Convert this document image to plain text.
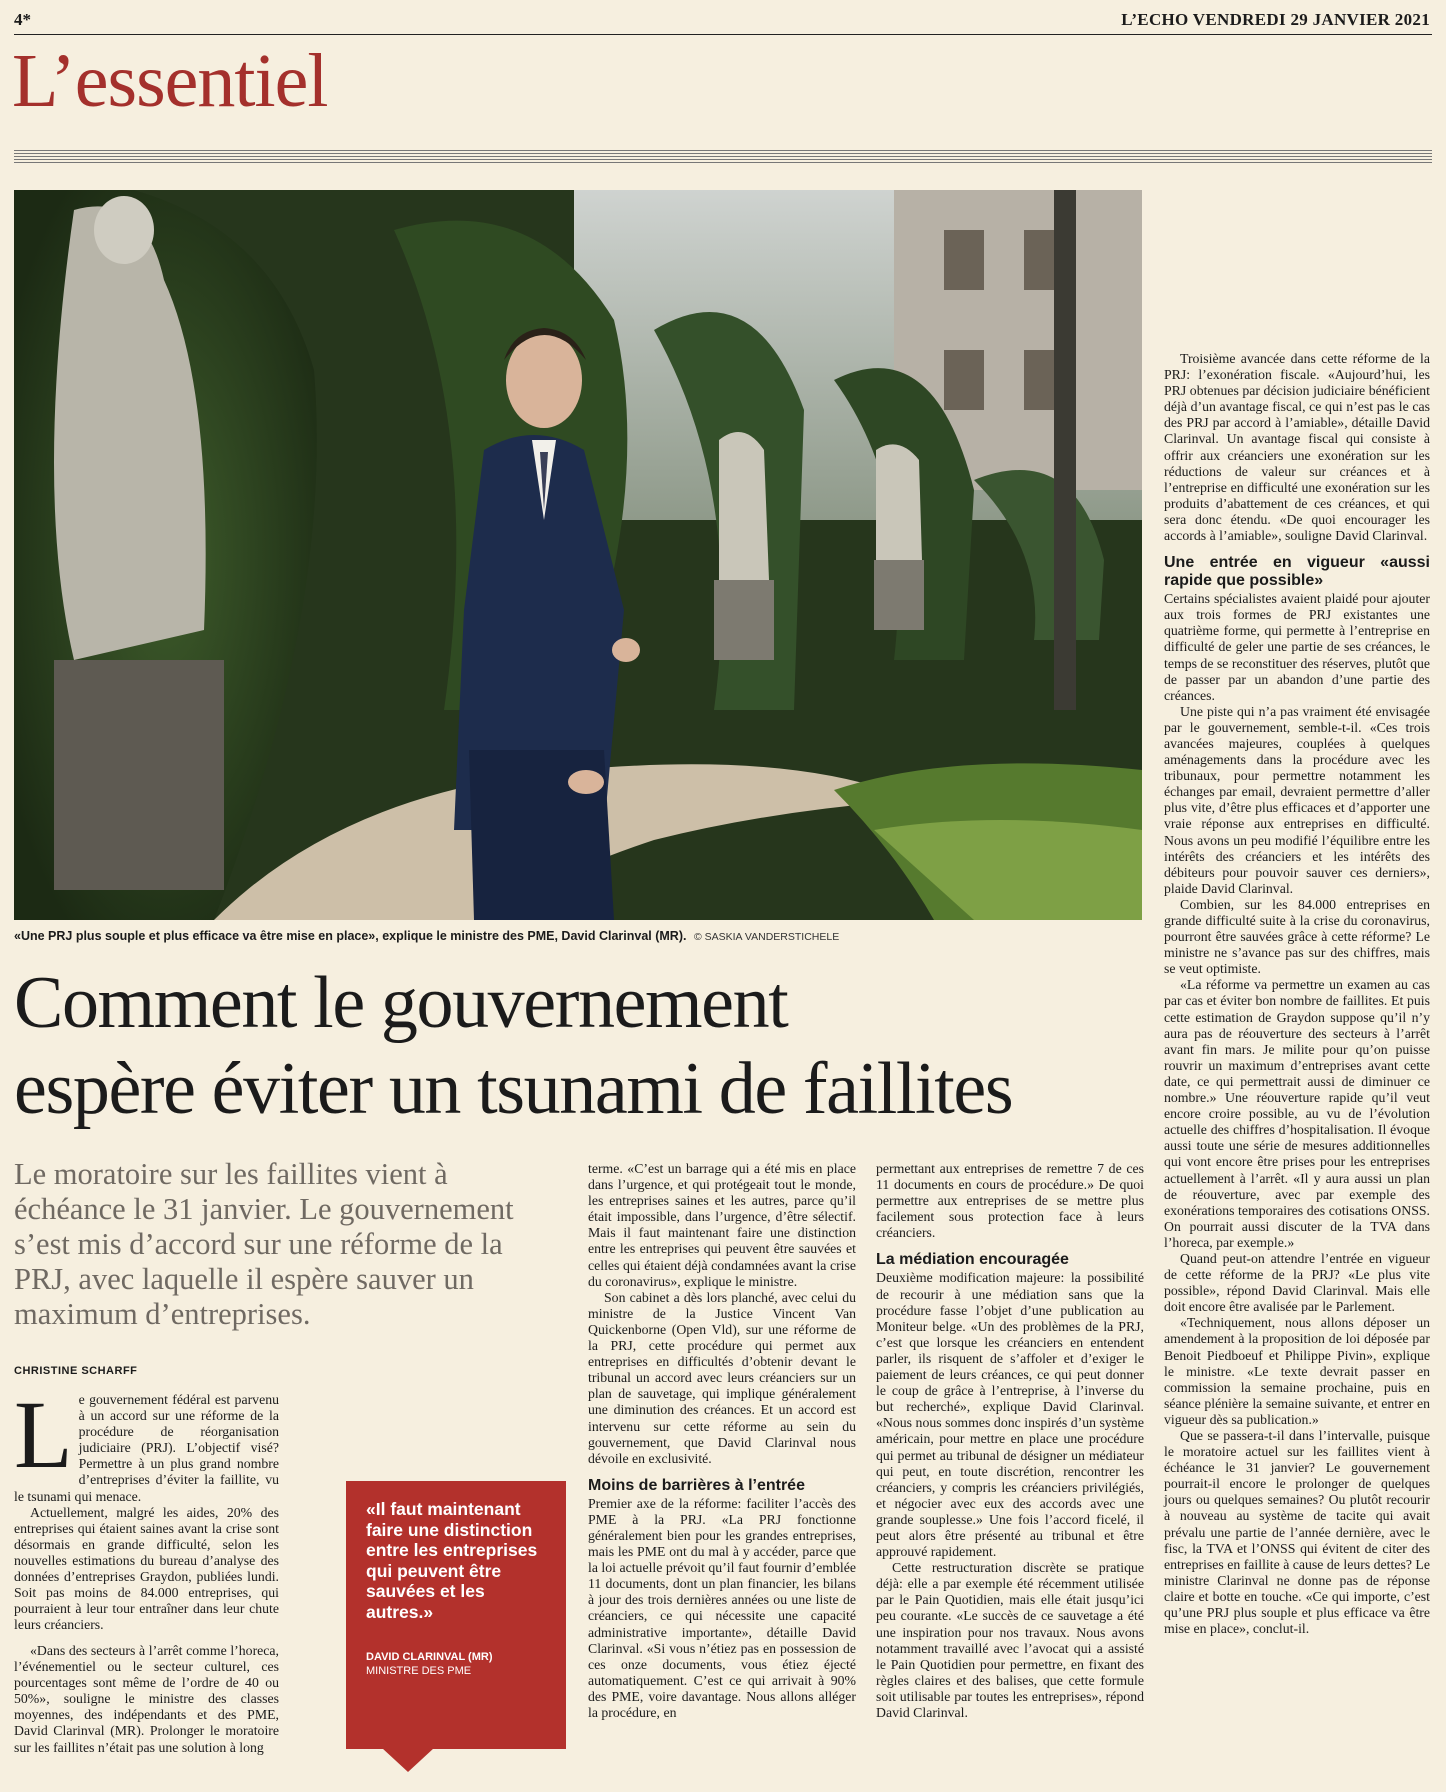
4*	L’ECHO VENDREDI 29 JANVIER 2021
L’essentiel
«Une PRJ plus souple et plus efficace va être mise en place», explique le ministre des PME, David Clarinval (MR). © SASKIA VANDERSTICHELE
Comment le gouvernement
espère éviter un tsunami de faillites
Le moratoire sur les faillites vient à échéance le 31 janvier. Le gouvernement s’est mis d’accord sur une réforme de la PRJ, avec laquelle il espère sauver un maximum d’entreprises.
CHRISTINE SCHARFF

Le gouvernement fédéral est parvenu à un accord sur une réforme de la procédure de réorganisation judiciaire (PRJ). L’objectif visé? Permettre à un plus grand nombre d’entreprises d’éviter la faillite, vu le tsunami qui menace.

Actuellement, malgré les aides, 20% des entreprises qui étaient saines avant la crise sont désormais en grande difficulté, selon les nouvelles estimations du bureau d’analyse des données d’entreprises Graydon, publiées lundi. Soit pas moins de 84.000 entreprises, qui pourraient à leur tour entraîner dans leur chute leurs créanciers.

«Dans des secteurs à l’arrêt comme l’horeca, l’événementiel ou le secteur culturel, ces pourcentages sont même de l’ordre de 40 ou 50%», souligne le ministre des classes moyennes, des indépendants et des PME, David Clarinval (MR). Prolonger le moratoire sur les faillites n’était pas une solution à long

«Il faut maintenant faire une distinction entre les entreprises qui peuvent être sauvées et les autres.»
DAVID CLARINVAL (MR)
MINISTRE DES PME

terme. «C’est un barrage qui a été mis en place dans l’urgence, et qui protégeait tout le monde, les entreprises saines et les autres, parce qu’il était impossible, dans l’urgence, d’être sélectif. Mais il faut maintenant faire une distinction entre les entreprises qui peuvent être sauvées et celles qui étaient déjà condamnées avant la crise du coronavirus», explique le ministre.

Son cabinet a dès lors planché, avec celui du ministre de la Justice Vincent Van Quickenborne (Open Vld), sur une réforme de la PRJ, cette procédure qui permet aux entreprises en difficultés d’obtenir devant le tribunal un accord avec leurs créanciers sur un plan de sauvetage, qui implique généralement une diminution des créances. Et un accord est intervenu sur cette réforme au sein du gouvernement, que David Clarinval nous dévoile en exclusivité.

Moins de barrières à l’entrée

Premier axe de la réforme: faciliter l’accès des PME à la PRJ. «La PRJ fonctionne généralement bien pour les grandes entreprises, mais les PME ont du mal à y accéder, parce que la loi actuelle prévoit qu’il faut fournir d’emblée 11 documents, dont un plan financier, les bilans à jour des trois dernières années ou une liste de créanciers, ce qui nécessite une capacité administrative importante», détaille David Clarinval. «Si vous n’étiez pas en possession de ces onze documents, vous étiez éjecté automatiquement. C’est ce qui arrivait à 90% des PME, voire davantage. Nous allons alléger la procédure, en

permettant aux entreprises de remettre 7 de ces 11 documents en cours de procédure.» De quoi permettre aux entreprises de se mettre plus facilement sous protection face à leurs créanciers.

La médiation encouragée

Deuxième modification majeure: la possibilité de recourir à une médiation sans que la procédure fasse l’objet d’une publication au Moniteur belge. «Un des problèmes de la PRJ, c’est que lorsque les créanciers en entendent parler, ils risquent de s’affoler et d’exiger le paiement de leurs créances, ce qui peut donner le coup de grâce à l’entreprise, à l’inverse du but recherché», explique David Clarinval. «Nous nous sommes donc inspirés d’un système américain, pour mettre en place une procédure qui permet au tribunal de désigner un médiateur qui peut, en toute discrétion, rencontrer les créanciers, y compris les créanciers privilégiés, et négocier avec eux des accords avec une grande souplesse.» Une fois l’accord ficelé, il peut alors être présenté au tribunal et être approuvé rapidement.

Cette restructuration discrète se pratique déjà: elle a par exemple été récemment utilisée par le Pain Quotidien, mais elle était jusqu’ici peu courante. «Le succès de ce sauvetage a été une inspiration pour nos travaux. Nous avons notamment travaillé avec l’avocat qui a assisté le Pain Quotidien pour permettre, en fixant des règles claires et des balises, que cette formule soit utilisable par toutes les entreprises», répond David Clarinval.

Troisième avancée dans cette réforme de la PRJ: l’exonération fiscale. «Aujourd’hui, les PRJ obtenues par décision judiciaire bénéficient déjà d’un avantage fiscal, ce qui n’est pas le cas des PRJ par accord à l’amiable», détaille David Clarinval. Un avantage fiscal qui consiste à offrir aux créanciers une exonération sur les réductions de valeur sur créances et à l’entreprise en difficulté une exonération sur les produits d’abattement de ces créances, et qui sera donc étendu. «De quoi encourager les accords à l’amiable», souligne David Clarinval.

Une entrée en vigueur «aussi rapide que possible»

Certains spécialistes avaient plaidé pour ajouter aux trois formes de PRJ existantes une quatrième forme, qui permette à l’entreprise en difficulté de geler une partie de ses créances, le temps de se reconstituer des réserves, plutôt que de passer par un abandon d’une partie des créances.

Une piste qui n’a pas vraiment été envisagée par le gouvernement, semble-t-il. «Ces trois avancées majeures, couplées à quelques aménagements dans la procédure avec les tribunaux, pour permettre notamment les échanges par email, devraient permettre d’aller plus vite, d’être plus efficaces et d’apporter une vraie réponse aux entreprises en difficulté. Nous avons un peu modifié l’équilibre entre les intérêts des créanciers et les intérêts des débiteurs pour pouvoir sauver ces derniers», plaide David Clarinval.

Combien, sur les 84.000 entreprises en grande difficulté suite à la crise du coronavirus, pourront être sauvées grâce à cette réforme? Le ministre ne s’avance pas sur des chiffres, mais se veut optimiste.

«La réforme va permettre un examen au cas par cas et éviter bon nombre de faillites. Et puis cette estimation de Graydon suppose qu’il n’y aura pas de réouverture des secteurs à l’arrêt avant fin mars. Je milite pour qu’on puisse rouvrir un maximum d’entreprises avant cette date, ce qui permettrait aussi de diminuer ce nombre.» Une réouverture rapide qu’il veut encore croire possible, au vu de l’évolution actuelle des chiffres d’hospitalisation. Il évoque aussi toute une série de mesures additionnelles qui vont encore être prises pour les entreprises actuellement à l’arrêt. «Il y aura aussi un plan de réouverture, avec par exemple des exonérations temporaires des cotisations ONSS. On pourrait aussi discuter de la TVA dans l’horeca, par exemple.»

Quand peut-on attendre l’entrée en vigueur de cette réforme de la PRJ? «Le plus vite possible», répond David Clarinval. Mais elle doit encore être avalisée par le Parlement.

«Techniquement, nous allons déposer un amendement à la proposition de loi déposée par Benoit Piedboeuf et Philippe Pivin», explique le ministre. «Le texte devrait passer en commission la semaine prochaine, puis en séance plénière la semaine suivante, et entrer en vigueur dès sa publication.»

Que se passera-t-il dans l’intervalle, puisque le moratoire actuel sur les faillites vient à échéance le 31 janvier? Le gouvernement pourrait-il encore le prolonger de quelques jours ou quelques semaines? Ou plutôt recourir à nouveau au système de tacite qui avait prévalu une partie de l’année dernière, avec le fisc, la TVA et l’ONSS qui évitent de citer des entreprises en faillite à cause de leurs dettes? Le ministre Clarinval ne donne pas de réponse claire et botte en touche. «Ce qui importe, c’est qu’une PRJ plus souple et plus efficace va être mise en place», conclut-il.
